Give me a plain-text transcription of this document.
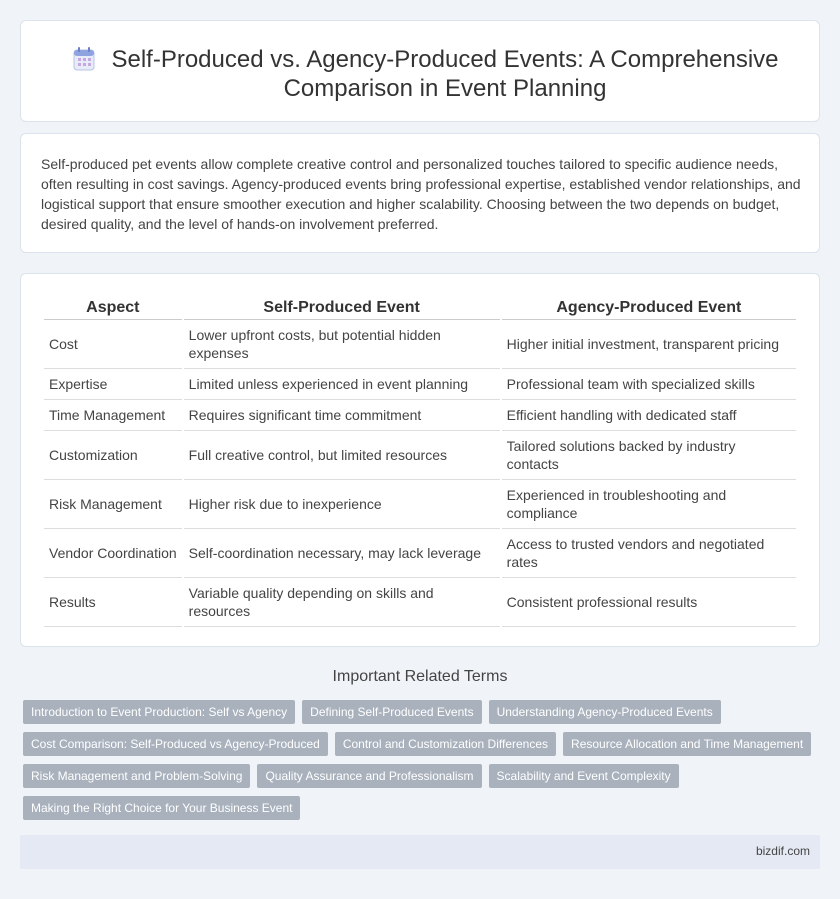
Self-Produced vs. Agency-Produced Events: A Comprehensive Comparison in Event Planning

Self-produced pet events allow complete creative control and personalized touches tailored to specific audience needs, often resulting in cost savings. Agency-produced events bring professional expertise, established vendor relationships, and logistical support that ensure smoother execution and higher scalability. Choosing between the two depends on budget, desired quality, and the level of hands-on involvement preferred.

Aspect	Self-Produced Event	Agency-Produced Event
Cost	Lower upfront costs, but potential hidden expenses	Higher initial investment, transparent pricing
Expertise	Limited unless experienced in event planning	Professional team with specialized skills
Time Management	Requires significant time commitment	Efficient handling with dedicated staff
Customization	Full creative control, but limited resources	Tailored solutions backed by industry contacts
Risk Management	Higher risk due to inexperience	Experienced in troubleshooting and compliance
Vendor Coordination	Self-coordination necessary, may lack leverage	Access to trusted vendors and negotiated rates
Results	Variable quality depending on skills and resources	Consistent professional results
Important Related Terms
Introduction to Event Production: Self vs Agency	Defining Self-Produced Events	Understanding Agency-Produced Events
Cost Comparison: Self-Produced vs Agency-Produced	Control and Customization Differences	Resource Allocation and Time Management
Risk Management and Problem-Solving	Quality Assurance and Professionalism	Scalability and Event Complexity
Making the Right Choice for Your Business Event
bizdif.com
